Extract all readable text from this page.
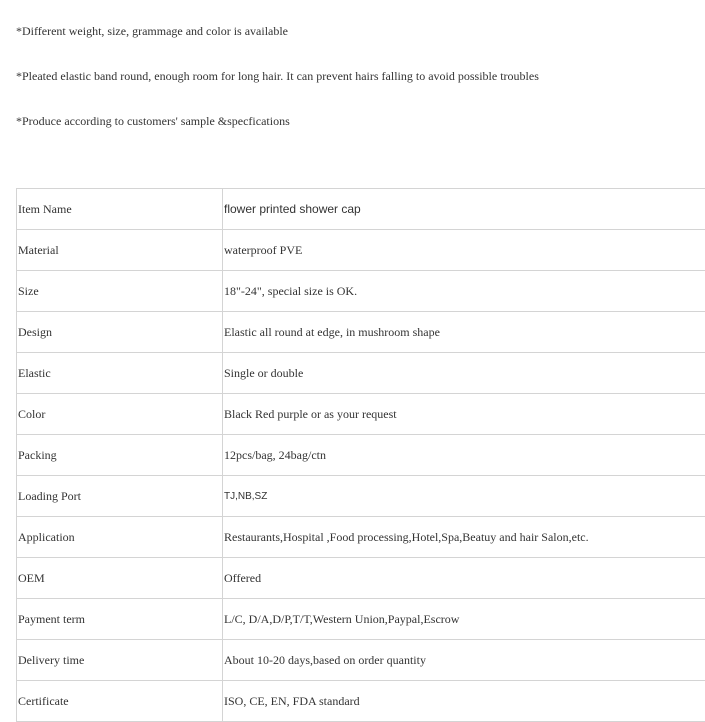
*Different weight, size, grammage and color is available
*Pleated elastic band round, enough room for long hair. It can prevent hairs falling to avoid possible troubles
*Produce according to customers' sample &specfications
Item Name	flower printed shower cap
Material	waterproof PVE
Size	18"-24", special size is OK.
Design	Elastic all round at edge, in mushroom shape
Elastic	Single or double
Color	Black Red purple or as your request
Packing	12pcs/bag, 24bag/ctn
Loading Port	TJ,NB,SZ
Application	Restaurants,Hospital ,Food processing,Hotel,Spa,Beatuy and hair Salon,etc.
OEM	Offered
Payment term	L/C, D/A,D/P,T/T,Western Union,Paypal,Escrow
Delivery time	About 10-20 days,based on order quantity
Certificate	ISO, CE, EN, FDA standard
